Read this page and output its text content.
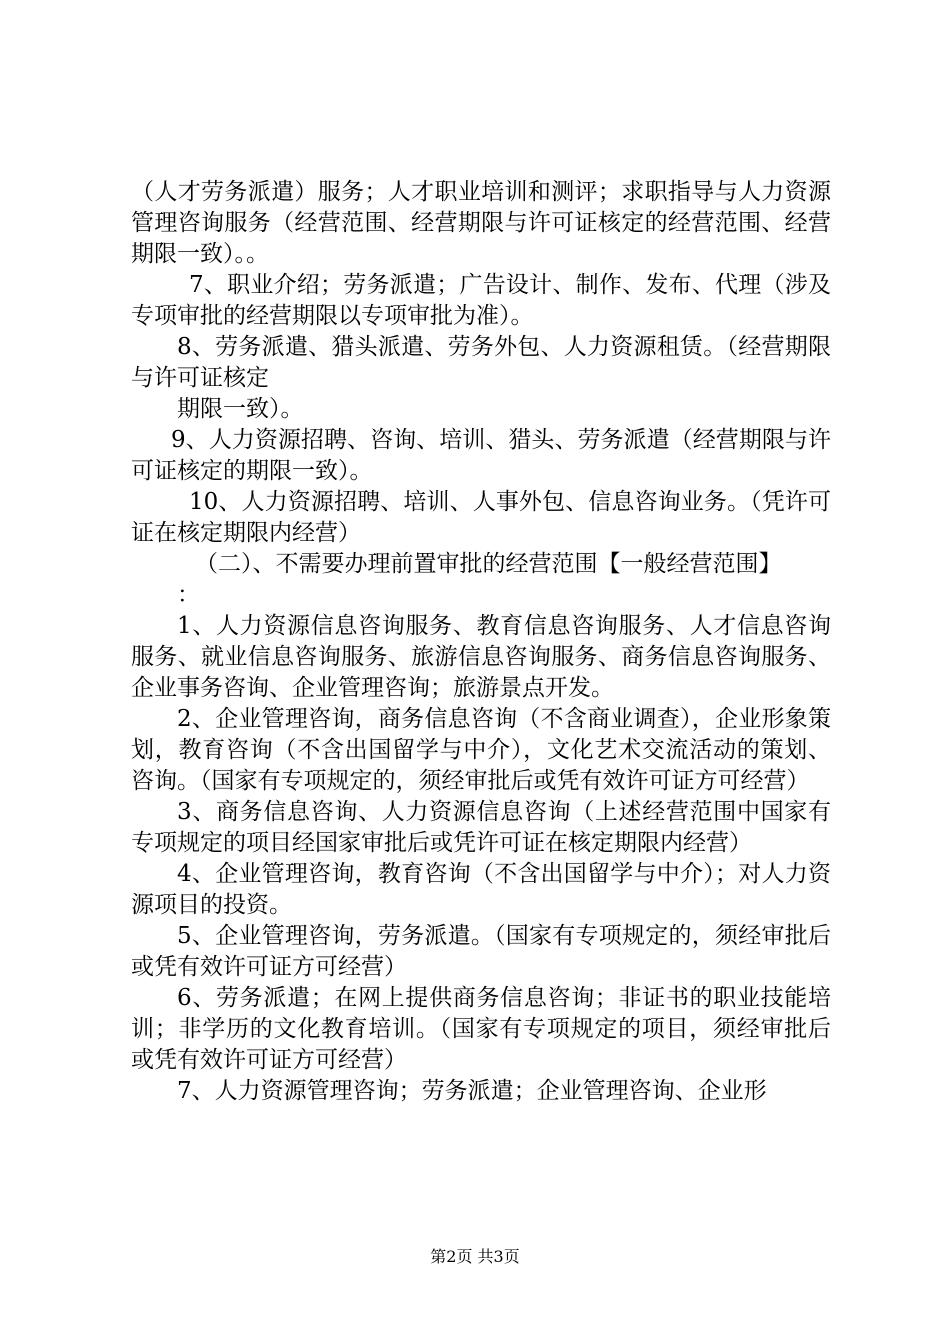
（人才劳务派遣）服务；人才职业培训和测评；求职指导与人力资源管理咨询服务（经营范围、经营期限与许可证核定的经营范围、经营期限一致）。。

7、职业介绍；劳务派遣；广告设计、制作、发布、代理（涉及专项审批的经营期限以专项审批为准）。

8、劳务派遣、猎头派遣、劳务外包、人力资源租赁。（经营期限与许可证核定

期限一致）。

9、人力资源招聘、咨询、培训、猎头、劳务派遣（经营期限与许可证核定的期限一致）。

10、人力资源招聘、培训、人事外包、信息咨询业务。（凭许可证在核定期限内经营）

（二）、不需要办理前置审批的经营范围【一般经营范围】

：

1、人力资源信息咨询服务、教育信息咨询服务、人才信息咨询服务、就业信息咨询服务、旅游信息咨询服务、商务信息咨询服务、企业事务咨询、企业管理咨询；旅游景点开发。

2、企业管理咨询，商务信息咨询（不含商业调查），企业形象策划，教育咨询（不含出国留学与中介），文化艺术交流活动的策划、咨询。（国家有专项规定的，须经审批后或凭有效许可证方可经营）

3、商务信息咨询、人力资源信息咨询（上述经营范围中国家有专项规定的项目经国家审批后或凭许可证在核定期限内经营）

4、企业管理咨询，教育咨询（不含出国留学与中介）；对人力资源项目的投资。

5、企业管理咨询，劳务派遣。（国家有专项规定的，须经审批后或凭有效许可证方可经营）

6、劳务派遣；在网上提供商务信息咨询；非证书的职业技能培训；非学历的文化教育培训。（国家有专项规定的项目，须经审批后或凭有效许可证方可经营）

7、人力资源管理咨询；劳务派遣；企业管理咨询、企业形

第2页 共3页
